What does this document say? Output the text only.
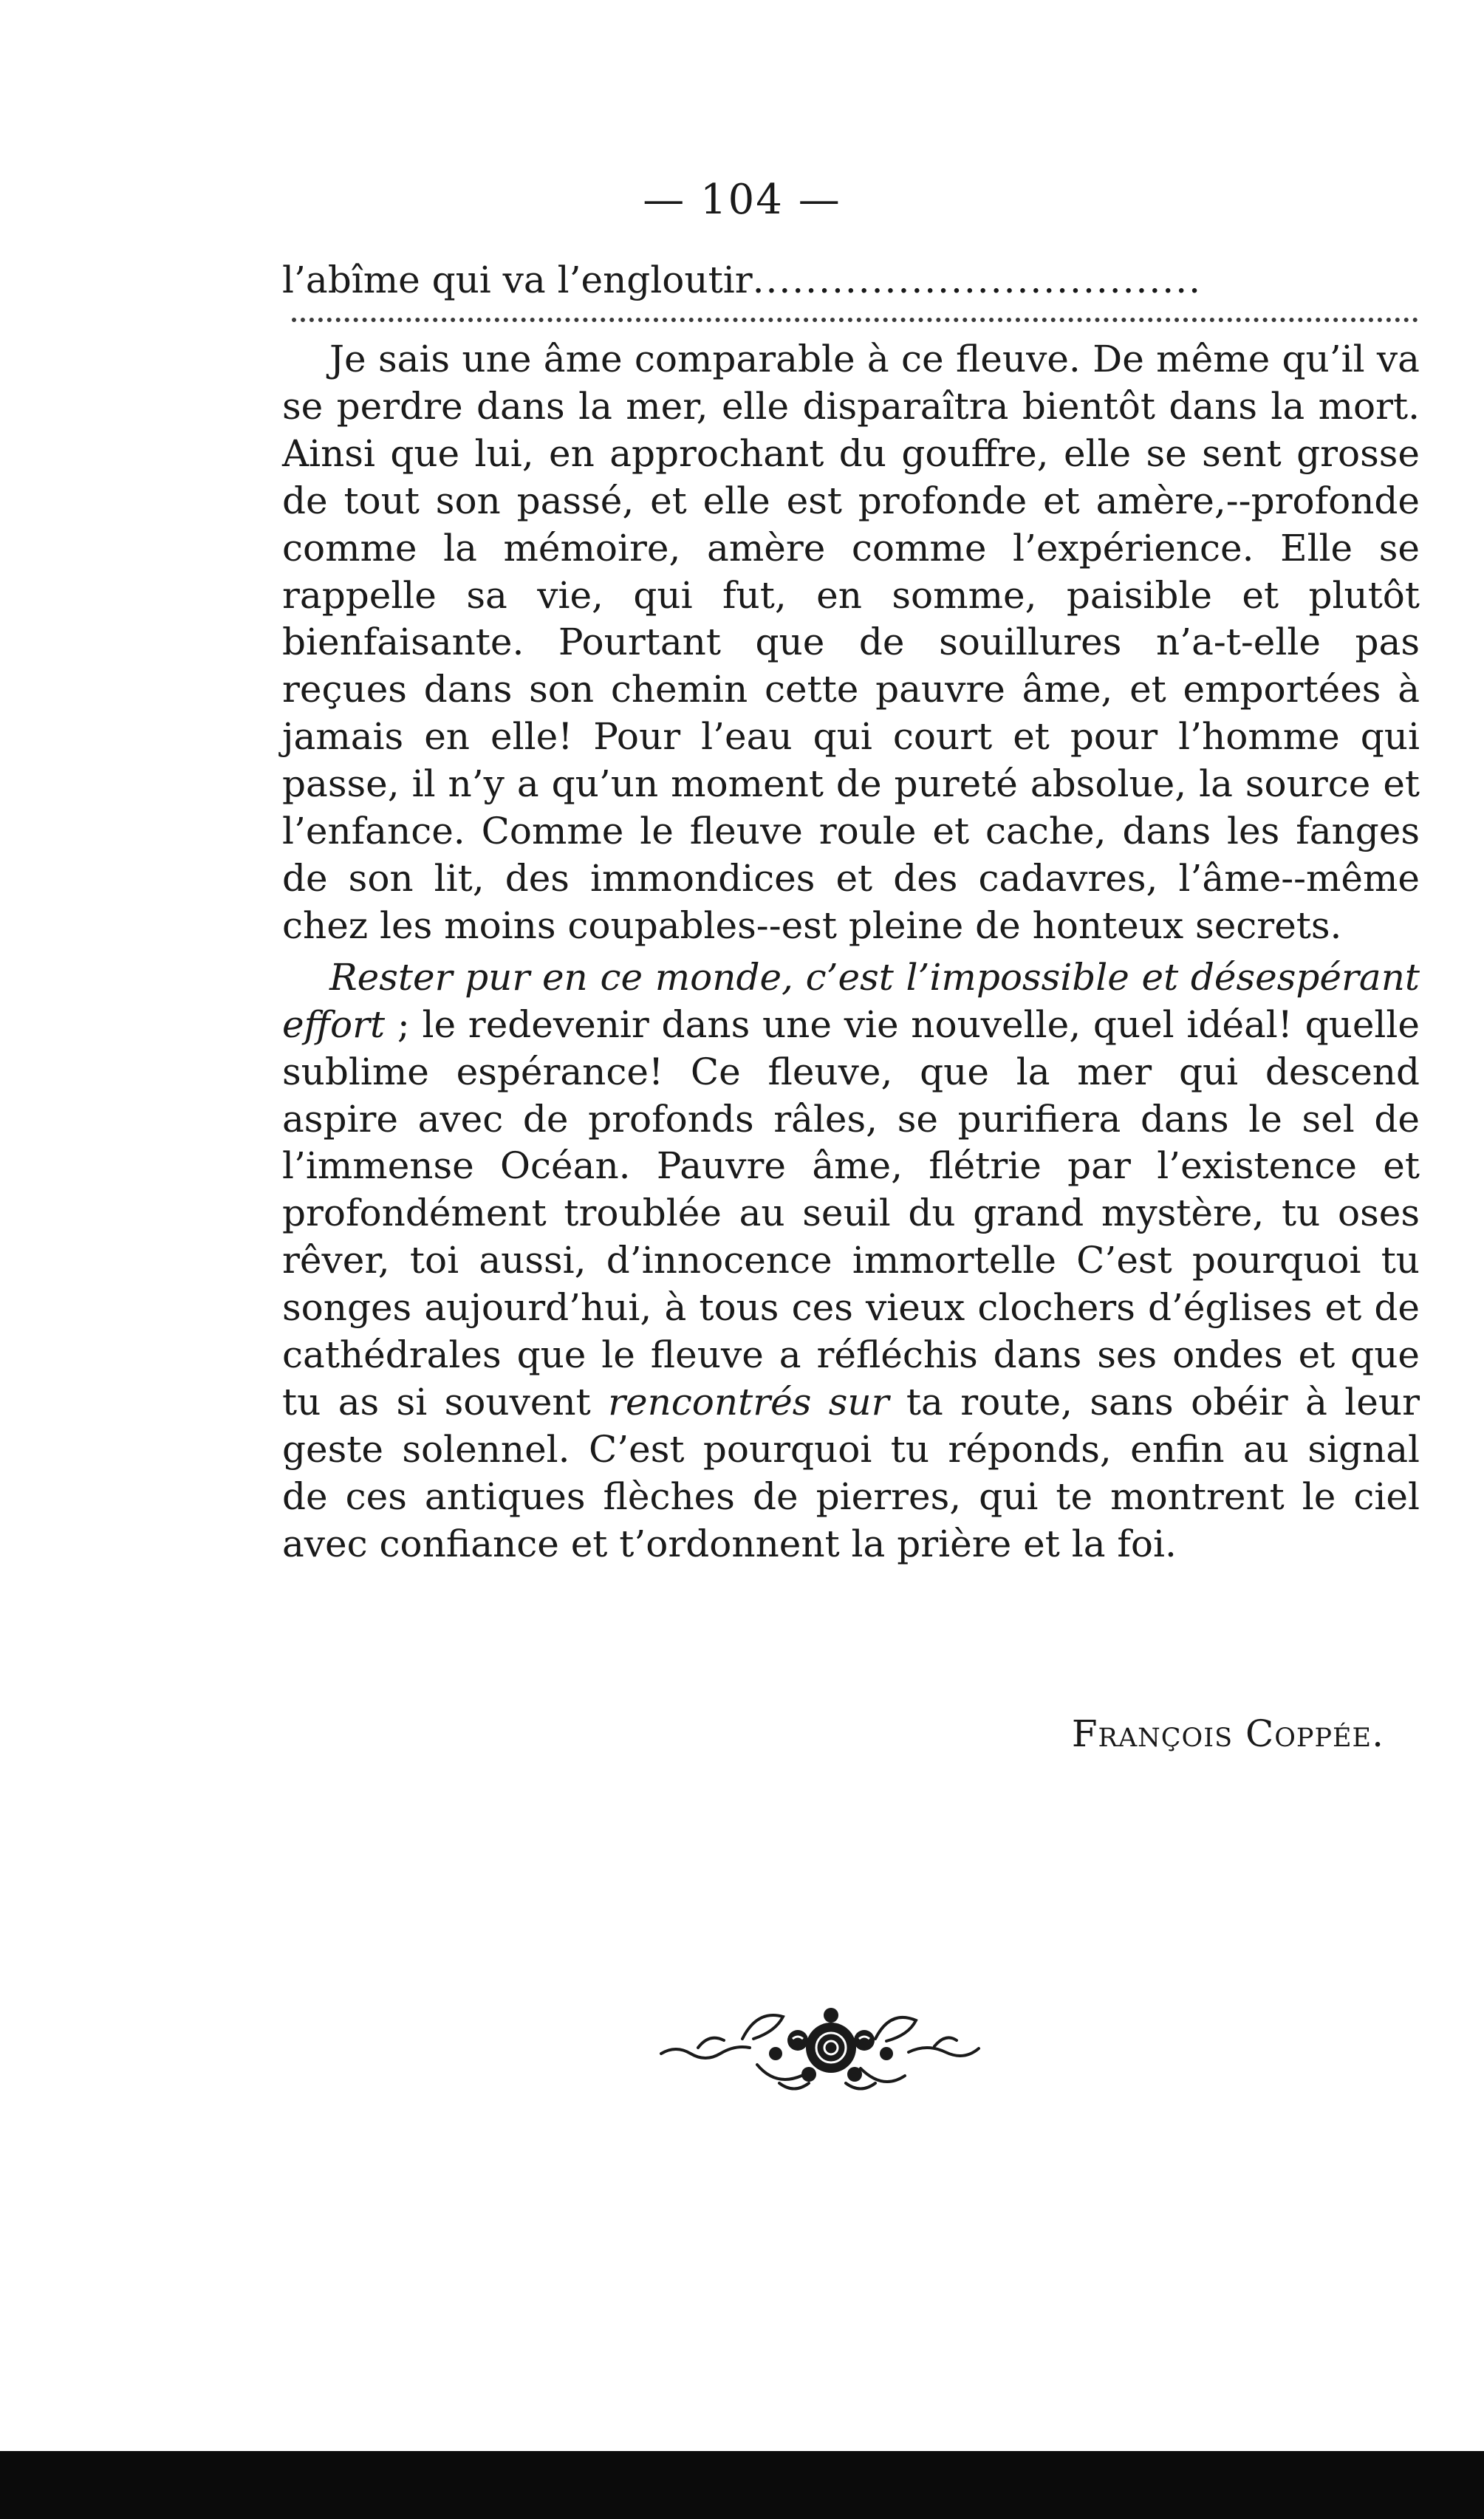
— 104 —
l’abîme qui va l’engloutir..................................

Je sais une âme comparable à ce fleuve. De même qu’il va se perdre dans la mer, elle disparaîtra bientôt dans la mort. Ainsi que lui, en approchant du gouffre, elle se sent grosse de tout son passé, et elle est profonde et amère,--profonde comme la mémoire, amère comme l’expérience. Elle se rappelle sa vie, qui fut, en somme, paisible et plutôt bienfaisante. Pourtant que de souillures n’a-t-elle pas reçues dans son chemin cette pauvre âme, et emportées à jamais en elle! Pour l’eau qui court et pour l’homme qui passe, il n’y a qu’un moment de pureté absolue, la source et l’enfance. Comme le fleuve roule et cache, dans les fanges de son lit, des immondices et des cadavres, l’âme--même chez les moins coupables--est pleine de honteux secrets.

Rester pur en ce monde, c’est l’impossible et désespérant effort ; le redevenir dans une vie nouvelle, quel idéal! quelle sublime espérance! Ce fleuve, que la mer qui descend aspire avec de profonds râles, se purifiera dans le sel de l’immense Océan. Pauvre âme, flétrie par l’existence et profondément troublée au seuil du grand mystère, tu oses rêver, toi aussi, d’innocence immortelle C’est pourquoi tu songes aujourd’hui, à tous ces vieux clochers d’églises et de cathédrales que le fleuve a réfléchis dans ses ondes et que tu as si souvent rencontrés sur ta route, sans obéir à leur geste solennel. C’est pourquoi tu réponds, enfin au signal de ces antiques flèches de pierres, qui te montrent le ciel avec confiance et t’ordonnent la prière et la foi.

François Coppée.
